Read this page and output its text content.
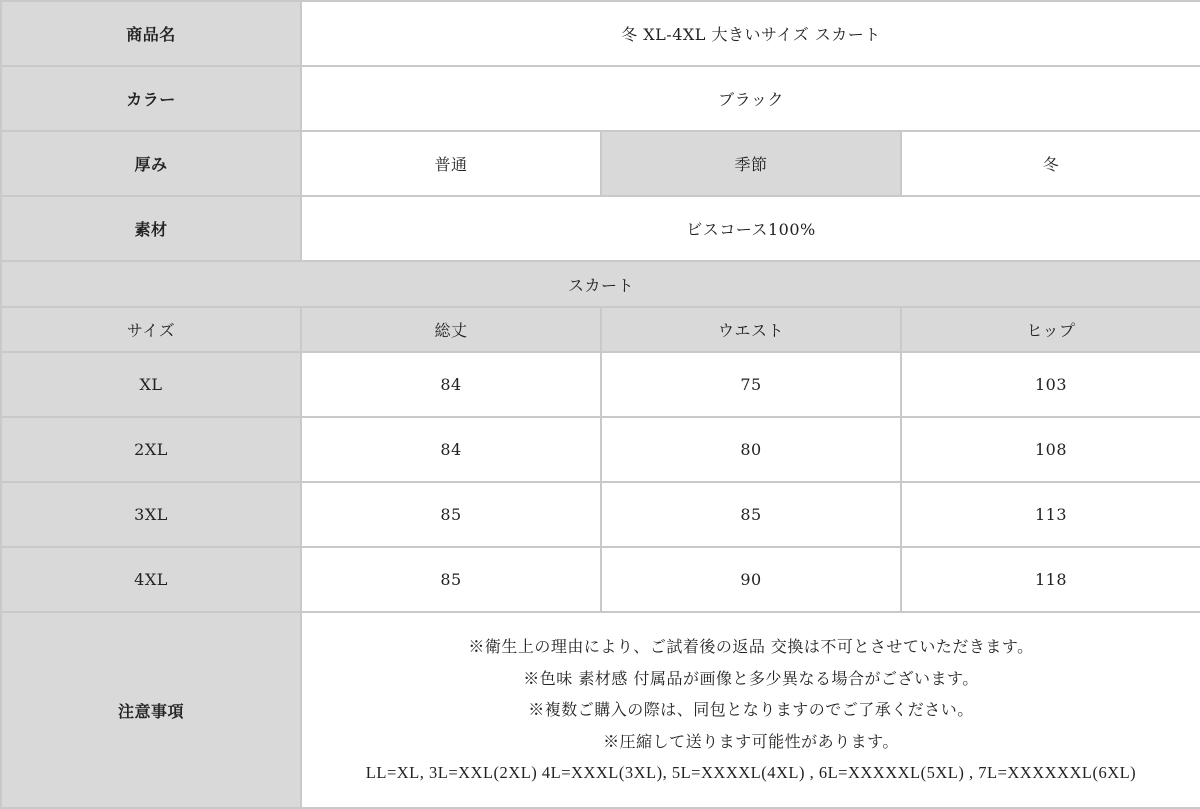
商品名	冬 XL-4XL 大きいサイズ スカート		
カラー	ブラック		
厚み	普通	季節	冬
素材	ビスコース100%		
スカート			
サイズ	総丈	ウエスト	ヒップ
XL	84	75	103
2XL	84	80	108
3XL	85	85	113
4XL	85	90	118
注意事項	※衛生上の理由により、ご試着後の返品 交換は不可とさせていただきます。
※色味 素材感 付属品が画像と多少異なる場合がございます。
※複数ご購入の際は、同包となりますのでご了承ください。
※圧縮して送ります可能性があります。
LL=XL, 3L=XXL(2XL) 4L=XXXL(3XL), 5L=XXXXL(4XL) , 6L=XXXXXL(5XL) , 7L=XXXXXXL(6XL)		
